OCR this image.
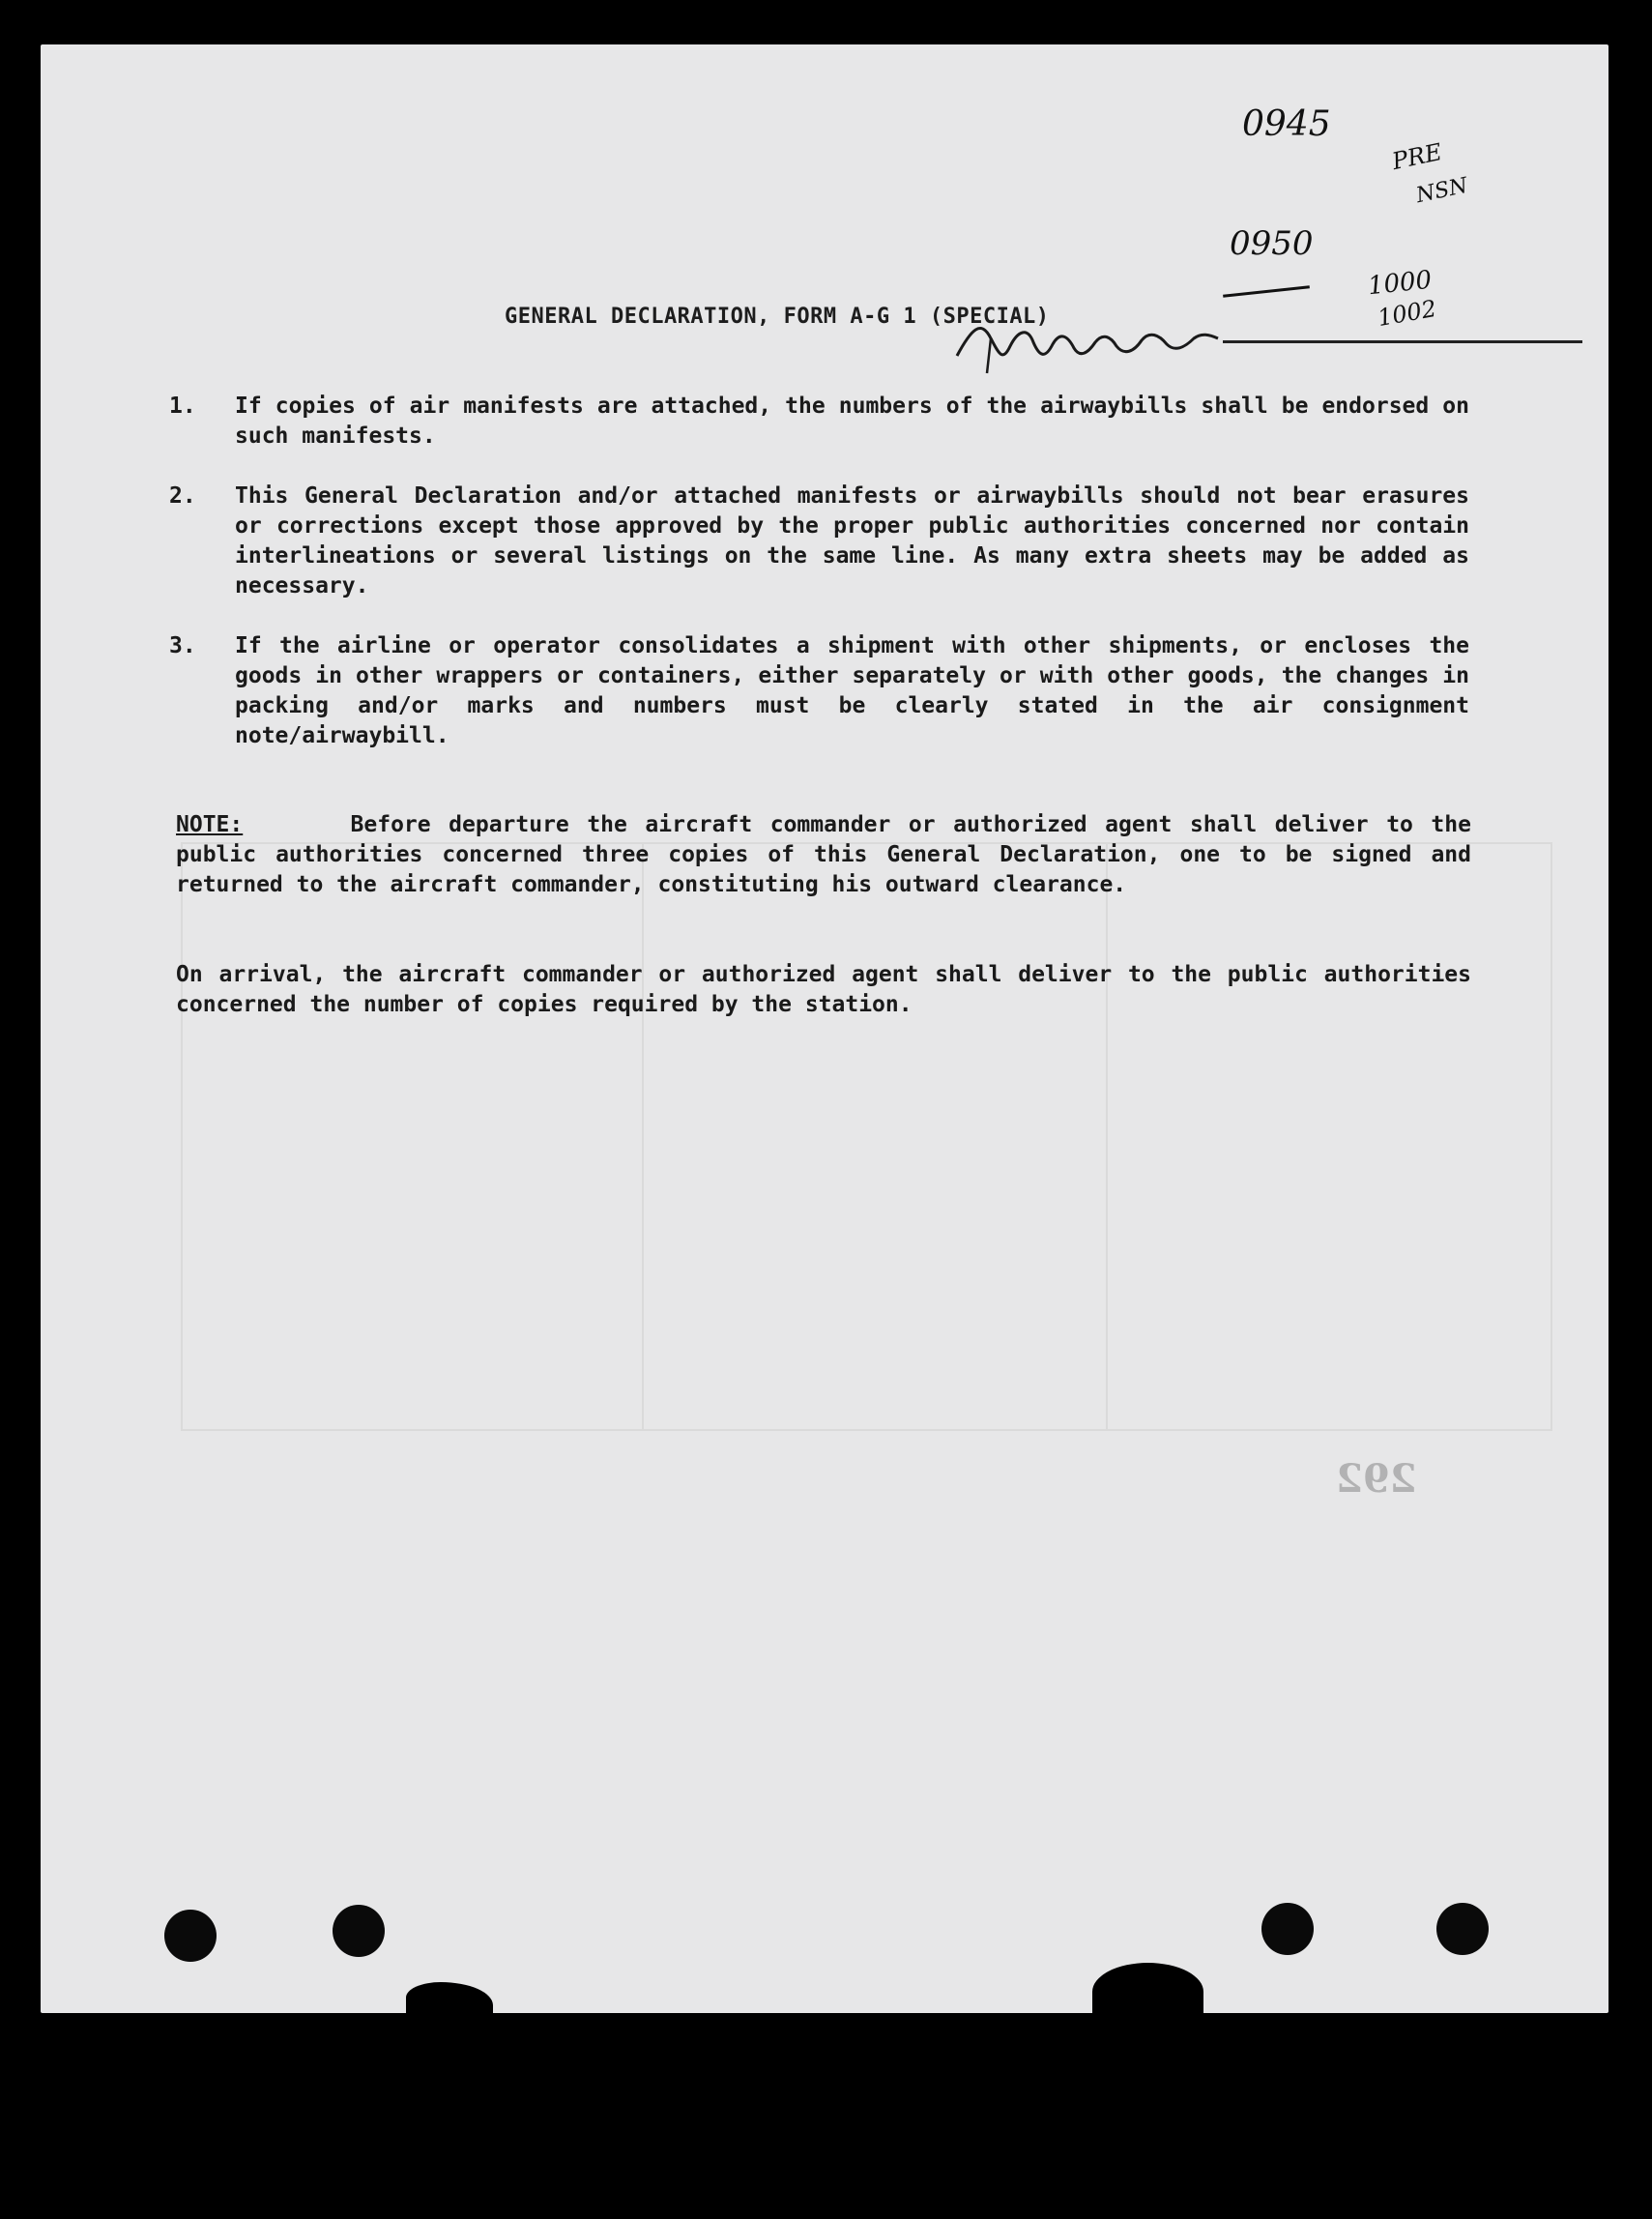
292
GENERAL DECLARATION, FORM A-G 1 (SPECIAL)
0945
PRE
NSN
0950
1000
1002
1.	If copies of air manifests are attached, the numbers of the airwaybills shall be endorsed on such manifests.
2.	This General Declaration and/or attached manifests or airwaybills should not bear erasures or corrections except those approved by the proper public authorities concerned nor contain interlineations or several listings on the same line. As many extra sheets may be added as necessary.
3.	If the airline or operator consolidates a shipment with other shipments, or encloses the goods in other wrappers or containers, either separately or with other goods, the changes in packing and/or marks and numbers must be clearly stated in the air consignment note/airwaybill.
NOTE:	Before departure the aircraft commander or authorized agent shall deliver to the public authorities concerned three copies of this General Declaration, one to be signed and returned to the aircraft commander, constituting his outward clearance.
On arrival, the aircraft commander or authorized agent shall deliver to the public authorities concerned the number of copies required by the station.
